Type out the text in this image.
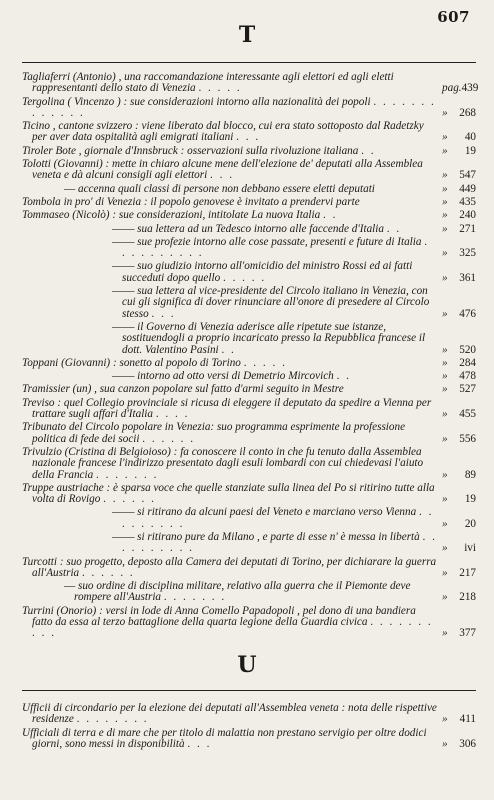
607
T
Tagliaferri (Antonio) , una raccomandazione interessante agli elettori ed agli eletti rappresentanti dello stato di Venezia . . . . .	pag. 439
Tergolina ( Vincenzo ) : sue considerazioni intorno alla nazionalità dei popoli . . . . . . . . . . . . .	» 268
Ticino , cantone svizzero : viene liberato dal blocco, cui era stato sottoposto dal Radetzky per aver data ospitalità agli emigrati italiani . . .	» 40
Tiroler Bote , giornale d'Innsbruck : osservazioni sulla rivoluzione italiana . .	» 19
Tolotti (Giovanni) : mette in chiaro alcune mene dell'elezione de' deputati alla Assemblea veneta e dà alcuni consigli agli elettori . . .	» 547
— accenna quali classi di persone non debbano essere eletti deputati	» 449
Tombola in pro' di Venezia : il popolo genovese è invitato a prendervi parte	» 435
Tommaseo (Nicolò) : sue considerazioni, intitolate La nuova Italia . .	» 240
—— sua lettera ad un Tedesco intorno alle faccende d'Italia . .	» 271
—— sue profezie intorno alle cose passate, presenti e future di Italia . . . . . . . . . .	» 325
—— suo giudizio intorno all'omicidio del ministro Rossi ed ai fatti succeduti dopo quello . . . . .	» 361
—— sua lettera al vice-presidente del Circolo italiano in Venezia, con cui gli significa di dover rinunciare all'onore di presedere al Circolo stesso . . .	» 476
—— il Governo di Venezia aderisce alle ripetute sue istanze, sostituendogli a proprio incaricato presso la Repubblica francese il dott. Valentino Pasini . .	» 520
Toppani (Giovanni) : sonetto al popolo di Torino . . . . .	» 284
—— intorno ad otto versi di Demetrio Mircovich . .	» 478
Tramissier (un) , sua canzon popolare sul fatto d'armi seguito in Mestre	» 527
Treviso : quel Collegio provinciale si ricusa di eleggere il deputato da spedire a Vienna per trattare sugli affari d'Italia . . . .	» 455
Tribunato del Circolo popolare in Venezia: suo programma esprimente la professione politica di fede dei socii . . . . . .	» 556
Trivulzio (Cristina di Belgioioso) : fa conoscere il conto in che fu tenuto dalla Assemblea nazionale francese l'indirizzo presentato dagli esuli lombardi con cui chiedevasi l'aiuto della Francia . . . . . . .	» 89
Truppe austriache : è sparsa voce che quelle stanziate sulla linea del Po si ritirino tutte alla volta di Rovigo . . . . . .	» 19
—— si ritirano da alcuni paesi del Veneto e marciano verso Vienna . . . . . . . . .	» 20
—— si ritirano pure da Milano , e parte di esse n' è messa in libertà . . . . . . . . . .	» ivi
Turcotti : suo progetto, deposto alla Camera dei deputati di Torino, per dichiarare la guerra all'Austria . . . . . .	» 217
— suo ordine di disciplina militare, relativo alla guerra che il Piemonte deve rompere all'Austria . . . . . . .	» 218
Turrini (Onorio) : versi in lode di Anna Comello Papadopoli , pel dono di una bandiera fatto da essa al terzo battaglione della quarta legione della Guardia civica . . . . . . . . . .	» 377
U
Ufficii di circondario per la elezione dei deputati all'Assemblea veneta : nota delle rispettive residenze . . . . . . . .	» 411
Ufficiali di terra e di mare che per titolo di malattia non prestano servigio per oltre dodici giorni, sono messi in disponibilità . . .	» 306
